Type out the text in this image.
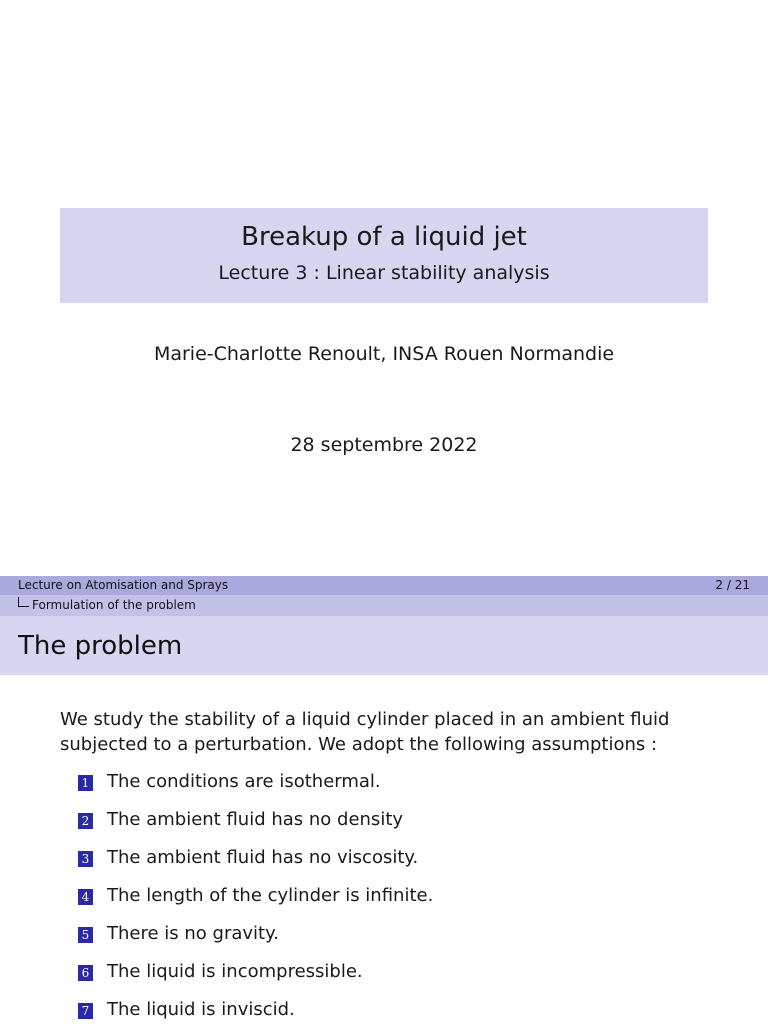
Breakup of a liquid jet
Lecture 3 : Linear stability analysis
Marie-Charlotte Renoult, INSA Rouen Normandie
28 septembre 2022
Lecture on Atomisation and Sprays	2 / 21
Formulation of the problem
The problem
We study the stability of a liquid cylinder placed in an ambient fluid subjected to a perturbation. We adopt the following assumptions :
1 The conditions are isothermal.
2 The ambient fluid has no density
3 The ambient fluid has no viscosity.
4 The length of the cylinder is infinite.
5 There is no gravity.
6 The liquid is incompressible.
7 The liquid is inviscid.
